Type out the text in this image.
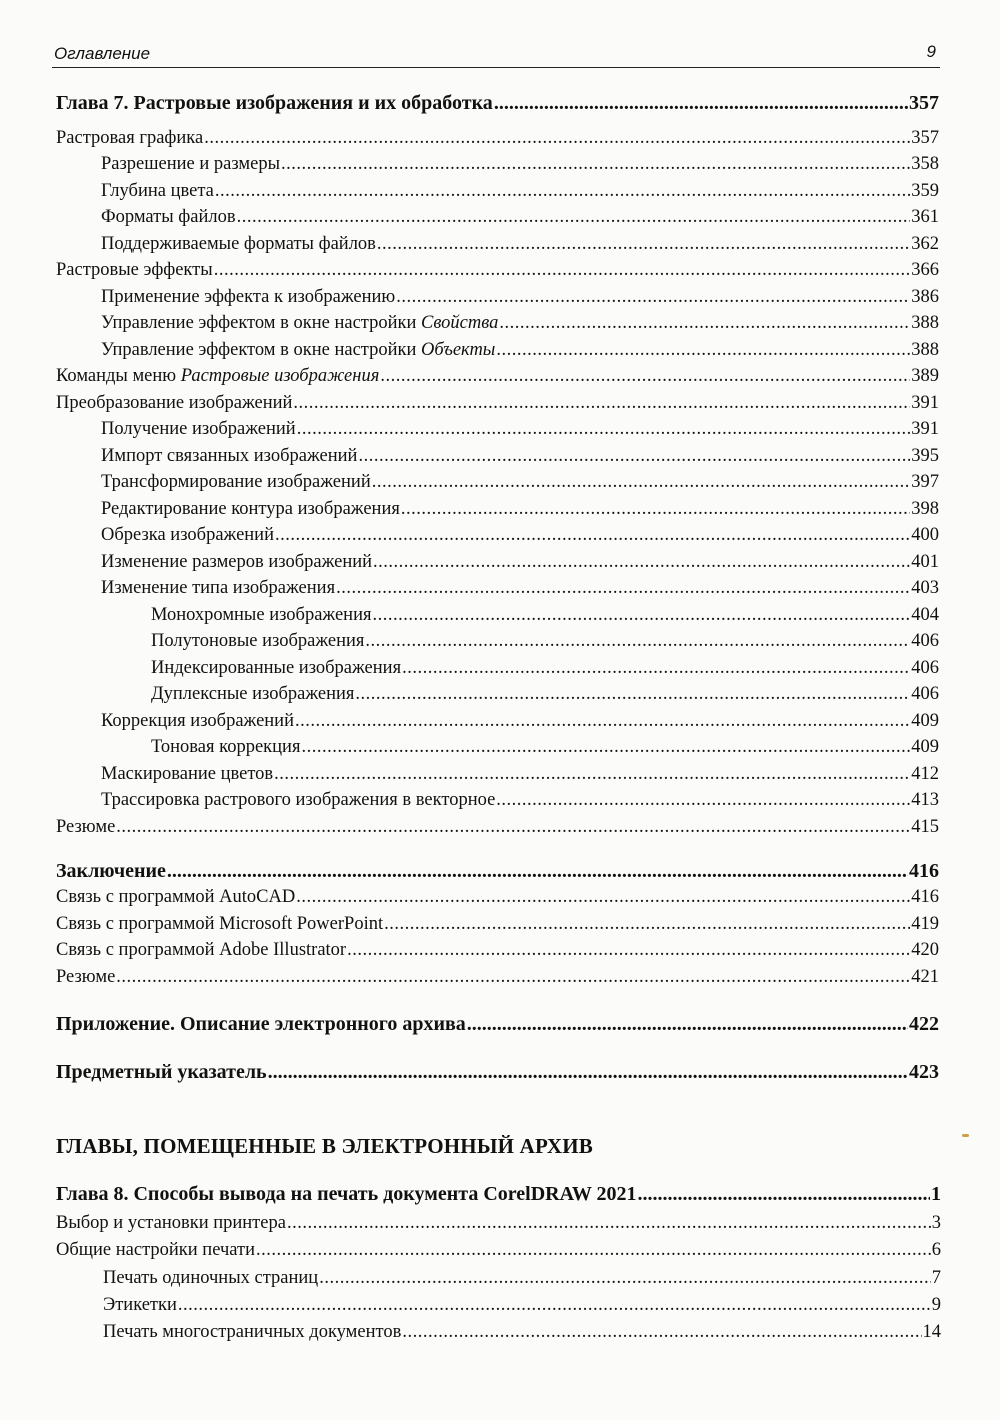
Оглавление	9
Глава 7. Растровые изображения и их обработка .....	357
Растровая графика .....	357
Разрешение и размеры .....	358
Глубина цвета .....	359
Форматы файлов .....	361
Поддерживаемые форматы файлов .....	362
Растровые эффекты .....	366
Применение эффекта к изображению .....	386
Управление эффектом в окне настройки Свойства .....	388
Управление эффектом в окне настройки Объекты .....	388
Команды меню Растровые изображения .....	389
Преобразование изображений .....	391
Получение изображений .....	391
Импорт связанных изображений .....	395
Трансформирование изображений .....	397
Редактирование контура изображения .....	398
Обрезка изображений .....	400
Изменение размеров изображений .....	401
Изменение типа изображения .....	403
Монохромные изображения .....	404
Полутоновые изображения .....	406
Индексированные изображения .....	406
Дуплексные изображения .....	406
Коррекция изображений .....	409
Тоновая коррекция .....	409
Маскирование цветов .....	412
Трассировка растрового изображения в векторное .....	413
Резюме .....	415
Заключение .....	416
Связь с программой AutoCAD .....	416
Связь с программой Microsoft PowerPoint .....	419
Связь с программой Adobe Illustrator .....	420
Резюме .....	421
Приложение. Описание электронного архива .....	422
Предметный указатель .....	423
ГЛАВЫ, ПОМЕЩЕННЫЕ В ЭЛЕКТРОННЫЙ АРХИВ
Глава 8. Способы вывода на печать документа CorelDRAW 2021 .....	1
Выбор и установки принтера .....	3
Общие настройки печати .....	6
Печать одиночных страниц .....	7
Этикетки .....	9
Печать многостраничных документов .....	14
